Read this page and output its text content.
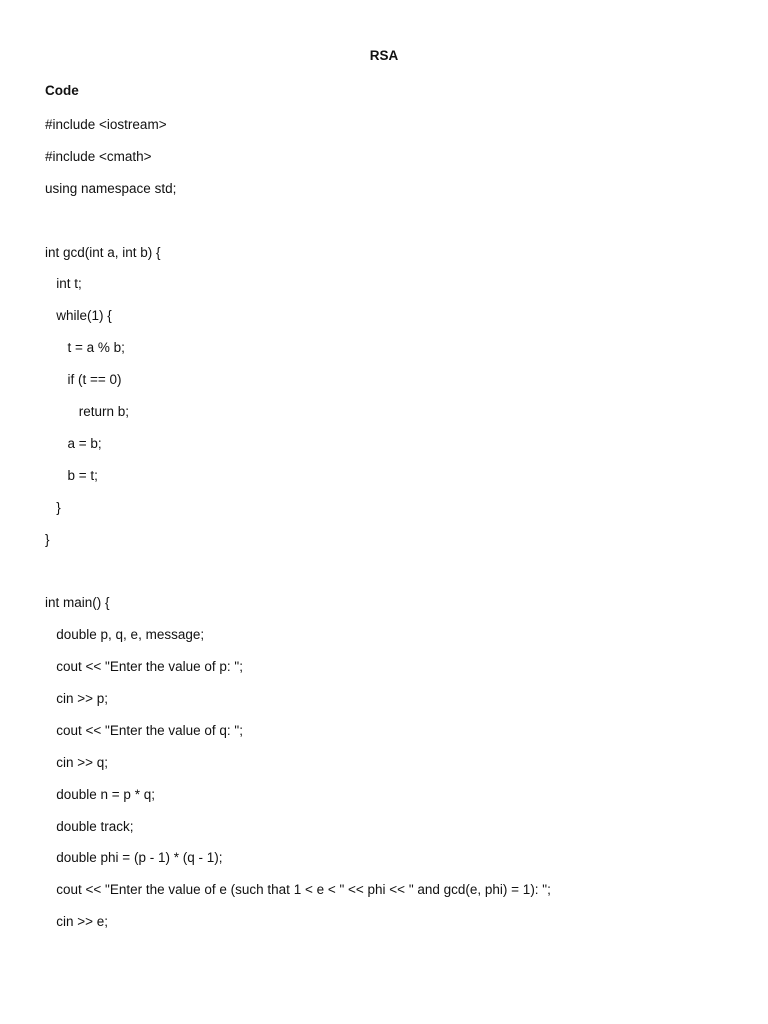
RSA
Code
#include <iostream>
#include <cmath>
using namespace std;
int gcd(int a, int b) {
int t;
while(1) {
t = a % b;
if (t == 0)
return b;
a = b;
b = t;
}
}
int main() {
double p, q, e, message;
cout << "Enter the value of p: ";
cin >> p;
cout << "Enter the value of q: ";
cin >> q;
double n = p * q;
double track;
double phi = (p - 1) * (q - 1);
cout << "Enter the value of e (such that 1 < e < " << phi << " and gcd(e, phi) = 1): ";
cin >> e;
